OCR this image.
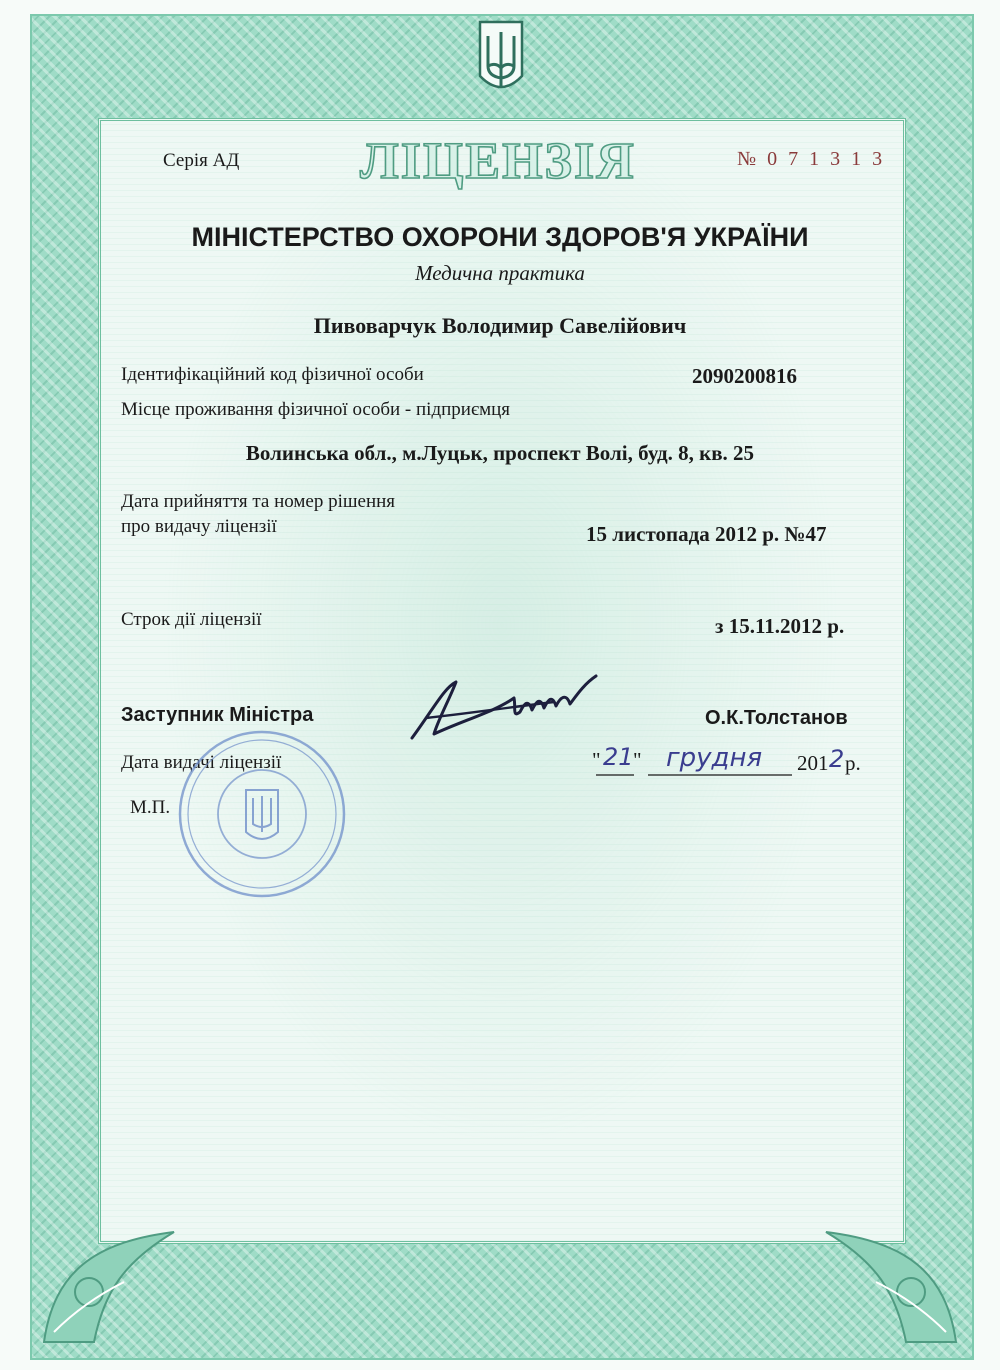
Серія АД ЛІЦЕНЗІЯ	№ 0 7 1 3 1 3
МІНІСТЕРСТВО ОХОРОНИ ЗДОРОВ'Я УКРАЇНИ
Медична практика
Пивоварчук Володимир Савелійович
Ідентифікаційний код фізичної особи	2090200816
Місце проживання фізичної особи - підприємця
Волинська обл., м.Луцьк, проспект Волі, буд. 8, кв. 25
Дата прийняття та номер рішення
про видачу ліцензії	15 листопада 2012 р. №47
Строк дії ліцензії	з 15.11.2012 р.
Заступник Міністра	О.К.Толстанов
Дата видачі ліцензії
М.П.
" 21 " грудня 201 2 р.
